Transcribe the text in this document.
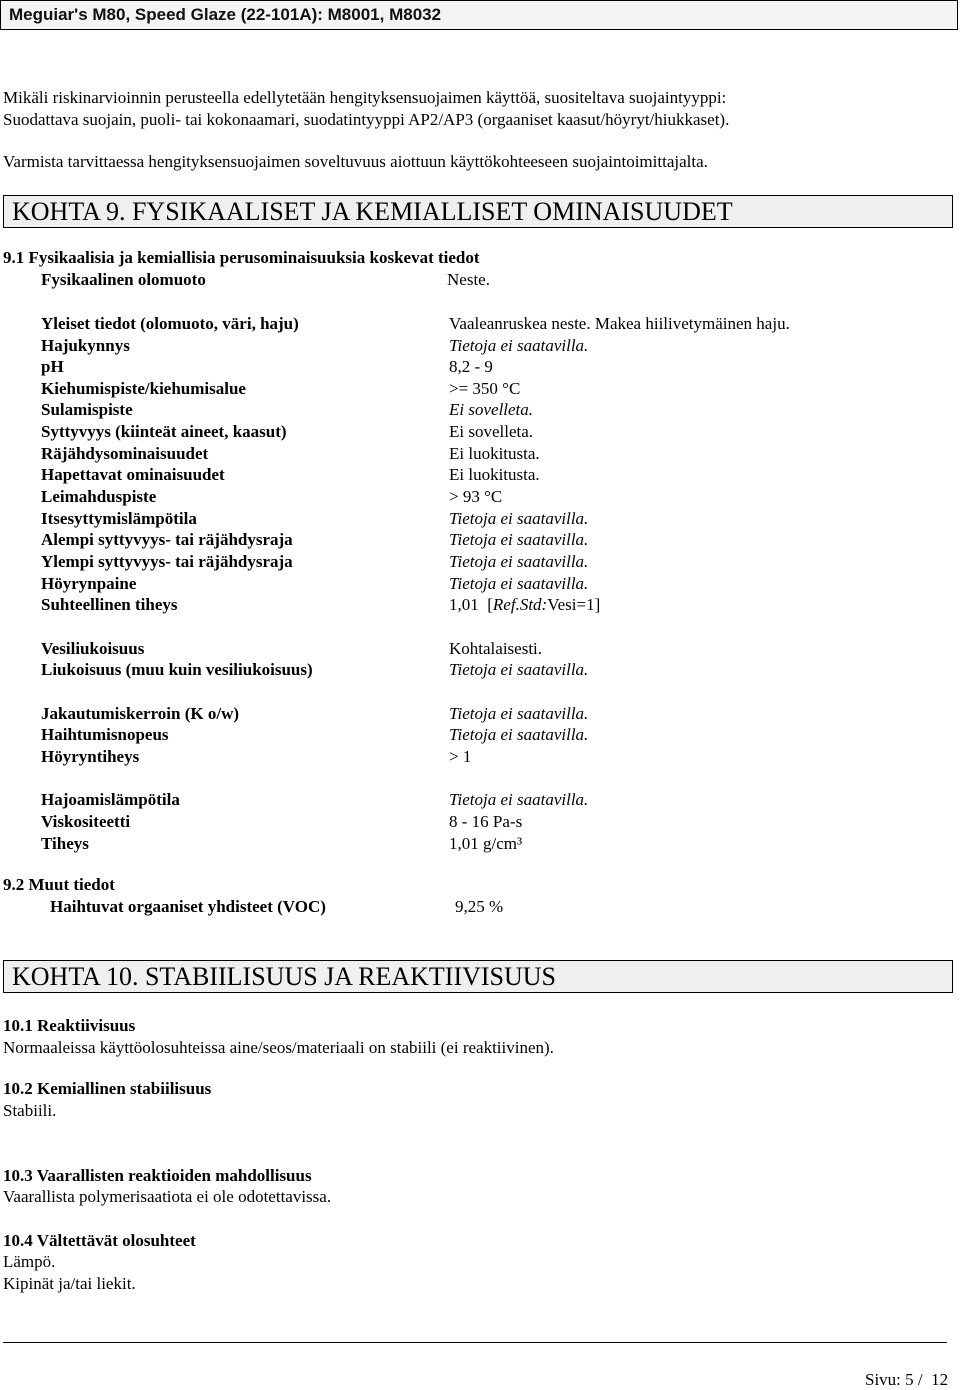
Meguiar's M80, Speed Glaze (22-101A): M8001, M8032
Mikäli riskinarvioinnin perusteella edellytetään hengityksensuojaimen käyttöä, suositeltava suojaintyyppi:
Suodattava suojain, puoli- tai kokonaamari, suodatintyyppi AP2/AP3 (orgaaniset kaasut/höyryt/hiukkaset).
Varmista tarvittaessa hengityksensuojaimen soveltuvuus aiottuun käyttökohteeseen suojaintoimittajalta.
KOHTA 9. FYSIKAALISET JA KEMIALLISET OMINAISUUDET
9.1 Fysikaalisia ja kemiallisia perusominaisuuksia koskevat tiedot
Fysikaalinen olomuoto	Neste.
Yleiset tiedot (olomuoto, väri, haju)	Vaaleanruskea neste. Makea hiilivetymäinen haju.
Hajukynnys	Tietoja ei saatavilla.
pH	8,2 - 9
Kiehumispiste/kiehumisalue	>= 350 °C
Sulamispiste	Ei sovelleta.
Syttyvyys (kiinteät aineet, kaasut)	Ei sovelleta.
Räjähdysominaisuudet	Ei luokitusta.
Hapettavat ominaisuudet	Ei luokitusta.
Leimahduspiste	> 93 °C
Itsesyttymislämpötila	Tietoja ei saatavilla.
Alempi syttyvyys- tai räjähdysraja	Tietoja ei saatavilla.
Ylempi syttyvyys- tai räjähdysraja	Tietoja ei saatavilla.
Höyrynpaine	Tietoja ei saatavilla.
Suhteellinen tiheys	1,01  [Ref.Std:Vesi=1]
Vesiliukoisuus	Kohtalaisesti.
Liukoisuus (muu kuin vesiliukoisuus)	Tietoja ei saatavilla.
Jakautumiskerroin (K o/w)	Tietoja ei saatavilla.
Haihtumisnopeus	Tietoja ei saatavilla.
Höyryntiheys	> 1
Hajoamislämpötila	Tietoja ei saatavilla.
Viskositeetti	8 - 16 Pa-s
Tiheys	1,01 g/cm³
9.2 Muut tiedot
Haihtuvat orgaaniset yhdisteet (VOC)	9,25 %
KOHTA 10. STABIILISUUS JA REAKTIIVISUUS
10.1 Reaktiivisuus
Normaaleissa käyttöolosuhteissa aine/seos/materiaali on stabiili (ei reaktiivinen).
10.2 Kemiallinen stabiilisuus
Stabiili.
10.3 Vaarallisten reaktioiden mahdollisuus
Vaarallista polymerisaatiota ei ole odotettavissa.
10.4 Vältettävät olosuhteet
Lämpö.
Kipinät ja/tai liekit.
Sivu: 5 /  12
